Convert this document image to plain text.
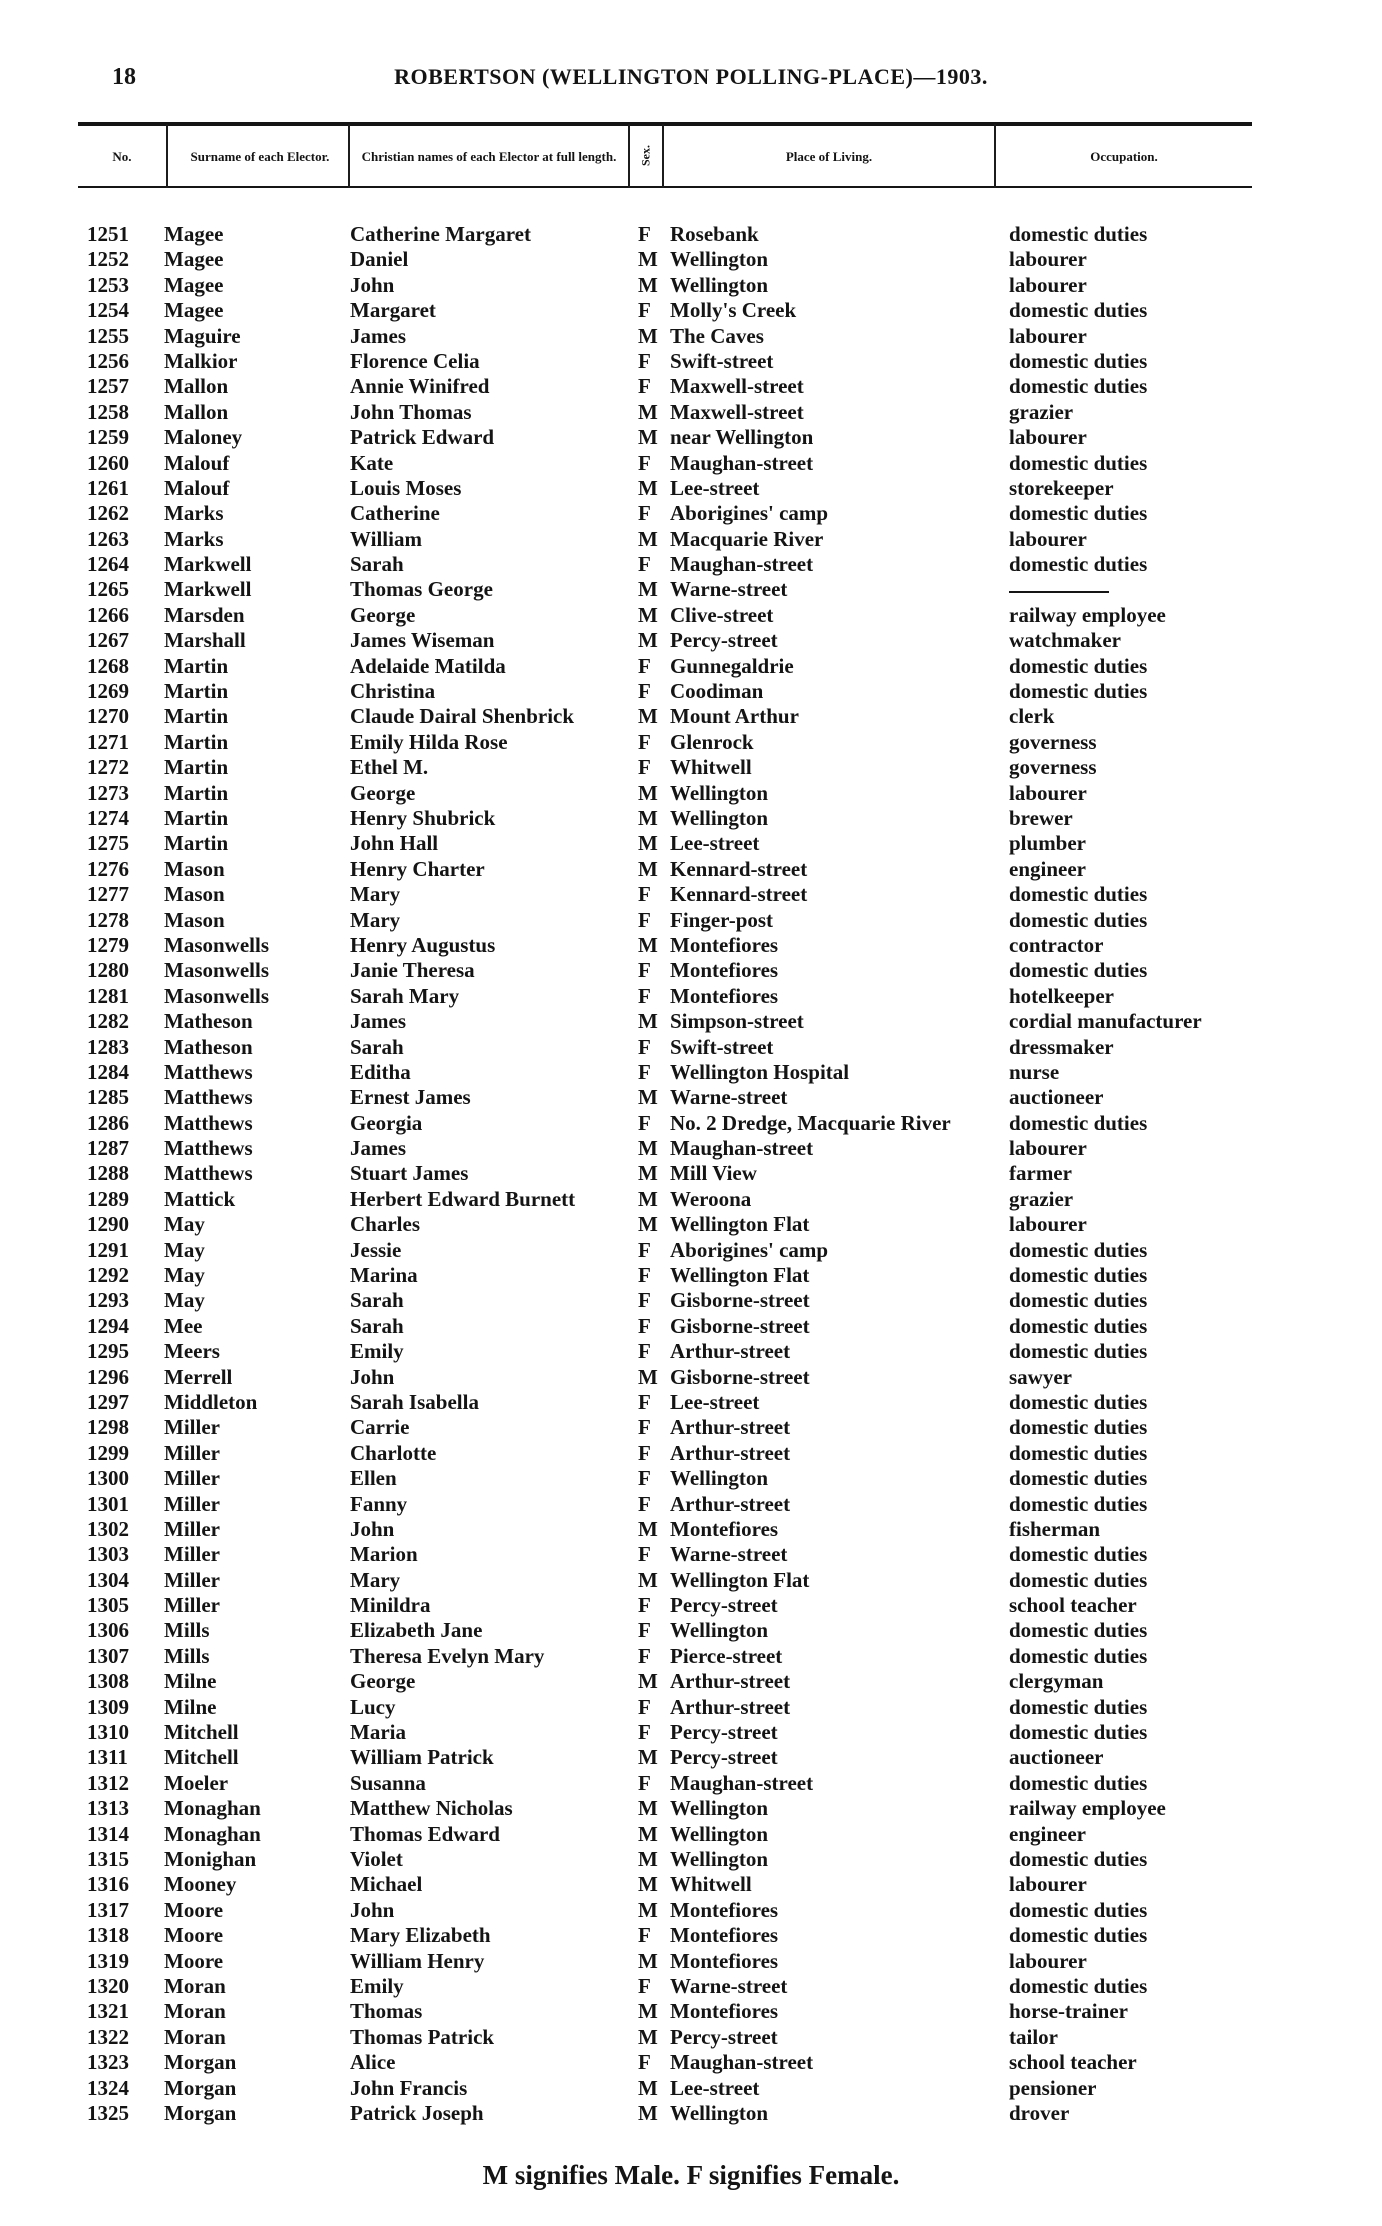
18	ROBERTSON (WELLINGTON POLLING-PLACE)—1903.
No.	Surname of each Elector.	Christian names of each Elector at full length.	Sex.	Place of Living.	Occupation.
1251 Magee	Catherine Margaret	F Rosebank	domestic duties
1252 Magee	Daniel	M Wellington	labourer
1253 Magee	John	M Wellington	labourer
1254 Magee	Margaret	F Molly's Creek	domestic duties
1255 Maguire	James	M The Caves	labourer
1256 Malkior	Florence Celia	F Swift-street	domestic duties
1257 Mallon	Annie Winifred	F Maxwell-street	domestic duties
1258 Mallon	John Thomas	M Maxwell-street	grazier
1259 Maloney	Patrick Edward	M near Wellington	labourer
1260 Malouf	Kate	F Maughan-street	domestic duties
1261 Malouf	Louis Moses	M Lee-street	storekeeper
1262 Marks	Catherine	F Aborigines' camp	domestic duties
1263 Marks	William	M Macquarie River	labourer
1264 Markwell	Sarah	F Maughan-street	domestic duties
1265 Markwell	Thomas George	M Warne-street
1266 Marsden	George	M Clive-street	railway employee
1267 Marshall	James Wiseman	M Percy-street	watchmaker
1268 Martin	Adelaide Matilda	F Gunnegaldrie	domestic duties
1269 Martin	Christina	F Coodiman	domestic duties
1270 Martin	Claude Dairal Shenbrick	M Mount Arthur	clerk
1271 Martin	Emily Hilda Rose	F Glenrock	governess
1272 Martin	Ethel M.	F Whitwell	governess
1273 Martin	George	M Wellington	labourer
1274 Martin	Henry Shubrick	M Wellington	brewer
1275 Martin	John Hall	M Lee-street	plumber
1276 Mason	Henry Charter	M Kennard-street	engineer
1277 Mason	Mary	F Kennard-street	domestic duties
1278 Mason	Mary	F Finger-post	domestic duties
1279 Masonwells	Henry Augustus	M Montefiores	contractor
1280 Masonwells	Janie Theresa	F Montefiores	domestic duties
1281 Masonwells	Sarah Mary	F Montefiores	hotelkeeper
1282 Matheson	James	M Simpson-street	cordial manufacturer
1283 Matheson	Sarah	F Swift-street	dressmaker
1284 Matthews	Editha	F Wellington Hospital	nurse
1285 Matthews	Ernest James	M Warne-street	auctioneer
1286 Matthews	Georgia	F No. 2 Dredge, Macquarie River	domestic duties
1287 Matthews	James	M Maughan-street	labourer
1288 Matthews	Stuart James	M Mill View	farmer
1289 Mattick	Herbert Edward Burnett	M Weroona	grazier
1290 May	Charles	M Wellington Flat	labourer
1291 May	Jessie	F Aborigines' camp	domestic duties
1292 May	Marina	F Wellington Flat	domestic duties
1293 May	Sarah	F Gisborne-street	domestic duties
1294 Mee	Sarah	F Gisborne-street	domestic duties
1295 Meers	Emily	F Arthur-street	domestic duties
1296 Merrell	John	M Gisborne-street	sawyer
1297 Middleton	Sarah Isabella	F Lee-street	domestic duties
1298 Miller	Carrie	F Arthur-street	domestic duties
1299 Miller	Charlotte	F Arthur-street	domestic duties
1300 Miller	Ellen	F Wellington	domestic duties
1301 Miller	Fanny	F Arthur-street	domestic duties
1302 Miller	John	M Montefiores	fisherman
1303 Miller	Marion	F Warne-street	domestic duties
1304 Miller	Mary	M Wellington Flat	domestic duties
1305 Miller	Minildra	F Percy-street	school teacher
1306 Mills	Elizabeth Jane	F Wellington	domestic duties
1307 Mills	Theresa Evelyn Mary	F Pierce-street	domestic duties
1308 Milne	George	M Arthur-street	clergyman
1309 Milne	Lucy	F Arthur-street	domestic duties
1310 Mitchell	Maria	F Percy-street	domestic duties
1311 Mitchell	William Patrick	M Percy-street	auctioneer
1312 Moeler	Susanna	F Maughan-street	domestic duties
1313 Monaghan	Matthew Nicholas	M Wellington	railway employee
1314 Monaghan	Thomas Edward	M Wellington	engineer
1315 Monighan	Violet	M Wellington	domestic duties
1316 Mooney	Michael	M Whitwell	labourer
1317 Moore	John	M Montefiores	domestic duties
1318 Moore	Mary Elizabeth	F Montefiores	domestic duties
1319 Moore	William Henry	M Montefiores	labourer
1320 Moran	Emily	F Warne-street	domestic duties
1321 Moran	Thomas	M Montefiores	horse-trainer
1322 Moran	Thomas Patrick	M Percy-street	tailor
1323 Morgan	Alice	F Maughan-street	school teacher
1324 Morgan	John Francis	M Lee-street	pensioner
1325 Morgan	Patrick Joseph	M Wellington	drover
M signifies Male. F signifies Female.
